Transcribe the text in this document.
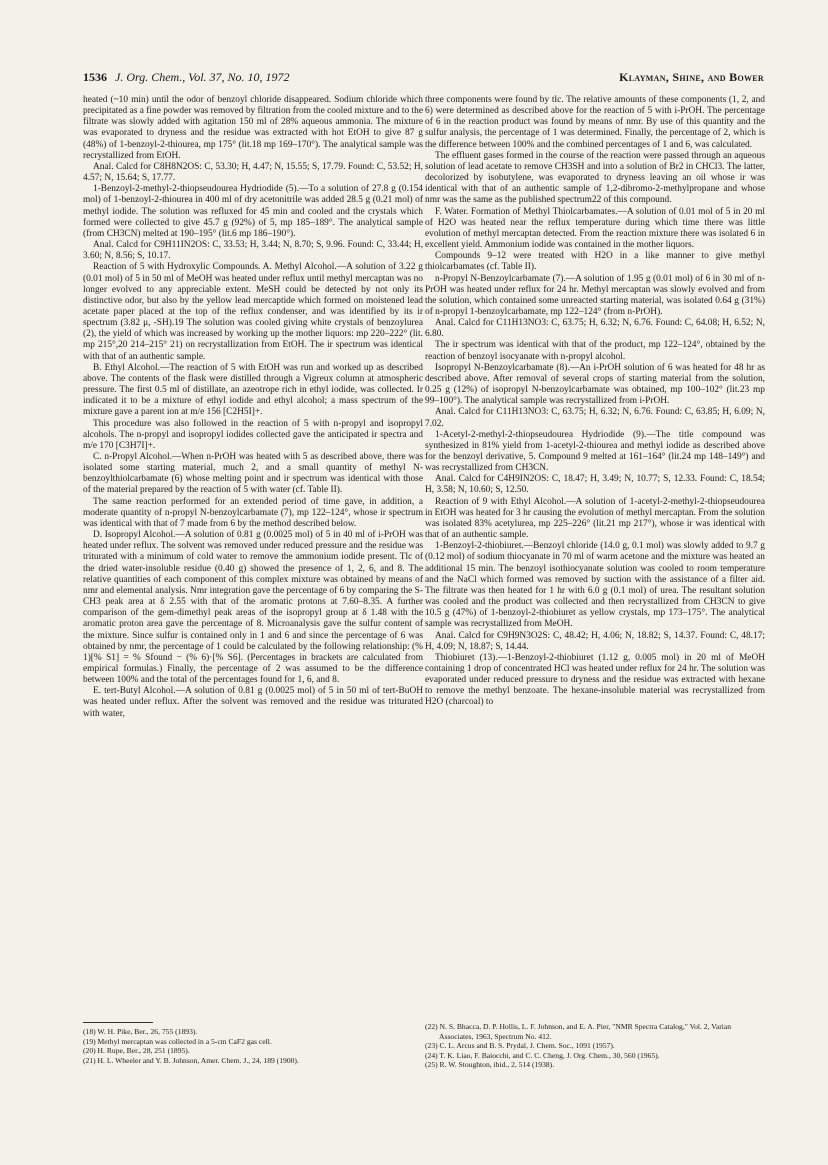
1536 J. Org. Chem., Vol. 37, No. 10, 1972	Klayman, Shine, and Bower

heated (~10 min) until the odor of benzoyl chloride disappeared. Sodium chloride which precipitated as a fine powder was removed by filtration from the cooled mixture and to the filtrate was slowly added with agitation 150 ml of 28% aqueous ammonia. The mixture was evaporated to dryness and the residue was extracted with hot EtOH to give 87 g (48%) of 1-benzoyl-2-thiourea, mp 175° (lit.18 mp 169–170°). The analytical sample was recrystallized from EtOH.

Anal. Calcd for C8H8N2OS: C, 53.30; H, 4.47; N, 15.55; S, 17.79. Found: C, 53.52; H, 4.57; N, 15.64; S, 17.77.

1-Benzoyl-2-methyl-2-thiopseudourea Hydriodide (5).—To a solution of 27.8 g (0.154 mol) of 1-benzoyl-2-thiourea in 400 ml of dry acetonitrile was added 28.5 g (0.21 mol) of methyl iodide. The solution was refluxed for 45 min and cooled and the crystals which formed were collected to give 45.7 g (92%) of 5, mp 185–189°. The analytical sample (from CH3CN) melted at 190–195° (lit.6 mp 186–190°).

Anal. Calcd for C9H11IN2OS: C, 33.53; H, 3.44; N, 8.70; S, 9.96. Found: C, 33.44; H, 3.60; N, 8.56; S, 10.17.

Reaction of 5 with Hydroxylic Compounds. A. Methyl Alcohol.—A solution of 3.22 g (0.01 mol) of 5 in 50 ml of MeOH was heated under reflux until methyl mercaptan was no longer evolved to any appreciable extent. MeSH could be detected by not only its distinctive odor, but also by the yellow lead mercaptide which formed on moistened lead acetate paper placed at the top of the reflux condenser, and was identified by its ir spectrum (3.82 μ, -SH).19 The solution was cooled giving white crystals of benzoylurea (2), the yield of which was increased by working up the mother liquors: mp 220–222° (lit. mp 215°,20 214–215° 21) on recrystallization from EtOH. The ir spectrum was identical with that of an authentic sample.

B. Ethyl Alcohol.—The reaction of 5 with EtOH was run and worked up as described above. The contents of the flask were distilled through a Vigreux column at atmospheric pressure. The first 0.5 ml of distillate, an azeotrope rich in ethyl iodide, was collected. Ir indicated it to be a mixture of ethyl iodide and ethyl alcohol; a mass spectrum of the mixture gave a parent ion at m/e 156 [C2H5I]+.

This procedure was also followed in the reaction of 5 with n-propyl and isopropyl alcohols. The n-propyl and isopropyl iodides collected gave the anticipated ir spectra and m/e 170 [C3H7I]+.

C. n-Propyl Alcohol.—When n-PrOH was heated with 5 as described above, there was isolated some starting material, much 2, and a small quantity of methyl N-benzoylthiolcarbamate (6) whose melting point and ir spectrum was identical with those of the material prepared by the reaction of 5 with water (cf. Table II).

The same reaction performed for an extended period of time gave, in addition, a moderate quantity of n-propyl N-benzoylcarbamate (7), mp 122–124°, whose ir spectrum was identical with that of 7 made from 6 by the method described below.

D. Isopropyl Alcohol.—A solution of 0.81 g (0.0025 mol) of 5 in 40 ml of i-PrOH was heated under reflux. The solvent was removed under reduced pressure and the residue was triturated with a minimum of cold water to remove the ammonium iodide present. Tlc of the dried water-insoluble residue (0.40 g) showed the presence of 1, 2, 6, and 8. The relative quantities of each component of this complex mixture was obtained by means of nmr and elemental analysis. Nmr integration gave the percentage of 6 by comparing the S-CH3 peak area at δ 2.55 with that of the aromatic protons at 7.60–8.35. A further comparison of the gem-dimethyl peak areas of the isopropyl group at δ 1.48 with the aromatic proton area gave the percentage of 8. Microanalysis gave the sulfur content of the mixture. Since sulfur is contained only in 1 and 6 and since the percentage of 6 was obtained by nmr, the percentage of 1 could be calculated by the following relationship: (% 1)[% S1] = % Sfound − (% 6)·[% S6]. (Percentages in brackets are calculated from empirical formulas.) Finally, the percentage of 2 was assumed to be the difference between 100% and the total of the percentages found for 1, 6, and 8.

E. tert-Butyl Alcohol.—A solution of 0.81 g (0.0025 mol) of 5 in 50 ml of tert-BuOH was heated under reflux. After the solvent was removed and the residue was triturated with water,

three components were found by tlc. The relative amounts of these components (1, 2, and 6) were determined as described above for the reaction of 5 with i-PrOH. The percentage of 6 in the reaction product was found by means of nmr. By use of this quantity and the sulfur analysis, the percentage of 1 was determined. Finally, the percentage of 2, which is the difference between 100% and the combined percentages of 1 and 6, was calculated.

The effluent gases formed in the course of the reaction were passed through an aqueous solution of lead acetate to remove CH3SH and into a solution of Br2 in CHCl3. The latter, decolorized by isobutylene, was evaporated to dryness leaving an oil whose ir was identical with that of an authentic sample of 1,2-dibromo-2-methylpropane and whose nmr was the same as the published spectrum22 of this compound.

F. Water. Formation of Methyl Thiolcarbamates.—A solution of 0.01 mol of 5 in 20 ml of H2O was heated near the reflux temperature during which time there was little evolution of methyl mercaptan detected. From the reaction mixture there was isolated 6 in excellent yield. Ammonium iodide was contained in the mother liquors.

Compounds 9–12 were treated with H2O in a like manner to give methyl thiolcarbamates (cf. Table II).

n-Propyl N-Benzoylcarbamate (7).—A solution of 1.95 g (0.01 mol) of 6 in 30 ml of n-PrOH was heated under reflux for 24 hr. Methyl mercaptan was slowly evolved and from the solution, which contained some unreacted starting material, was isolated 0.64 g (31%) of n-propyl 1-benzoylcarbamate, mp 122–124° (from n-PrOH).

Anal. Calcd for C11H13NO3: C, 63.75; H, 6.32; N, 6.76. Found: C, 64.08; H, 6.52; N, 6.80.

The ir spectrum was identical with that of the product, mp 122–124°, obtained by the reaction of benzoyl isocyanate with n-propyl alcohol.

Isopropyl N-Benzoylcarbamate (8).—An i-PrOH solution of 6 was heated for 48 hr as described above. After removal of several crops of starting material from the solution, 0.25 g (12%) of isopropyl N-benzoylcarbamate was obtained, mp 100–102° (lit.23 mp 99–100°). The analytical sample was recrystallized from i-PrOH.

Anal. Calcd for C11H13NO3: C, 63.75; H, 6.32; N, 6.76. Found: C, 63.85; H, 6.09; N, 7.02.

1-Acetyl-2-methyl-2-thiopseudourea Hydriodide (9).—The title compound was synthesized in 81% yield from 1-acetyl-2-thiourea and methyl iodide as described above for the benzoyl derivative, 5. Compound 9 melted at 161–164° (lit.24 mp 148–149°) and was recrystallized from CH3CN.

Anal. Calcd for C4H9IN2OS: C, 18.47; H, 3.49; N, 10.77; S, 12.33. Found: C, 18.54; H, 3.58; N, 10.60; S, 12.50.

Reaction of 9 with Ethyl Alcohol.—A solution of 1-acetyl-2-methyl-2-thiopseudourea in EtOH was heated for 3 hr causing the evolution of methyl mercaptan. From the solution was isolated 83% acetylurea, mp 225–226° (lit.21 mp 217°), whose ir was identical with that of an authentic sample.

1-Benzoyl-2-thiobiuret.—Benzoyl chloride (14.0 g, 0.1 mol) was slowly added to 9.7 g (0.12 mol) of sodium thiocyanate in 70 ml of warm acetone and the mixture was heated an additional 15 min. The benzoyl isothiocyanate solution was cooled to room temperature and the NaCl which formed was removed by suction with the assistance of a filter aid. The filtrate was then heated for 1 hr with 6.0 g (0.1 mol) of urea. The resultant solution was cooled and the product was collected and then recrystallized from CH3CN to give 10.5 g (47%) of 1-benzoyl-2-thiobiuret as yellow crystals, mp 173–175°. The analytical sample was recrystallized from MeOH.

Anal. Calcd for C9H9N3O2S: C, 48.42; H, 4.06; N, 18.82; S, 14.37. Found: C, 48.17; H, 4.09; N, 18.87; S, 14.44.

Thiobiuret (13).—1-Benzoyl-2-thiobiuret (1.12 g, 0.005 mol) in 20 ml of MeOH containing 1 drop of concentrated HCl was heated under reflux for 24 hr. The solution was evaporated under reduced pressure to dryness and the residue was extracted with hexane to remove the methyl benzoate. The hexane-insoluble material was recrystallized from H2O (charcoal) to

(18) W. H. Pike, Ber., 26, 755 (1893).

(19) Methyl mercaptan was collected in a 5-cm CaF2 gas cell.

(20) H. Rupe, Ber., 28, 251 (1895).

(21) H. L. Wheeler and Y. B. Johnson, Amer. Chem. J., 24, 189 (1900).

(22) N. S. Bhacca, D. P. Hollis, L. F. Johnson, and E. A. Pier, "NMR Spectra Catalog," Vol. 2, Varian Associates, 1963, Spectrum No. 412.

(23) C. L. Arcus and B. S. Prydal, J. Chem. Soc., 1091 (1957).

(24) T. K. Liao, F. Baiocchi, and C. C. Cheng, J. Org. Chem., 30, 560 (1965).

(25) R. W. Stoughton, ibid., 2, 514 (1938).
